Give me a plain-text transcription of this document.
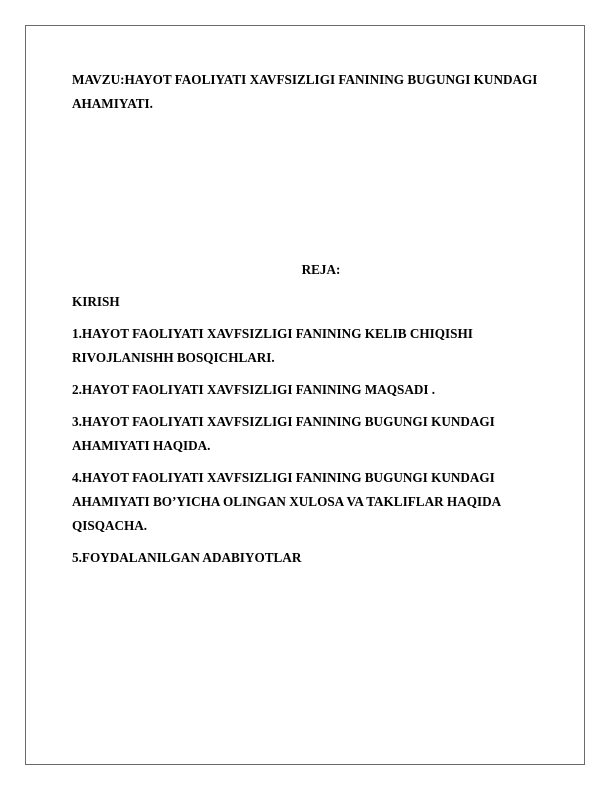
MAVZU:HAYOT FAOLIYATI XAVFSIZLIGI FANINING BUGUNGI KUNDAGI AHAMIYATI.

REJA:

KIRISH

1.HAYOT FAOLIYATI XAVFSIZLIGI FANINING KELIB CHIQISHI RIVOJLANISHH BOSQICHLARI.

2.HAYOT FAOLIYATI XAVFSIZLIGI FANINING MAQSADI .

3.HAYOT FAOLIYATI XAVFSIZLIGI FANINING BUGUNGI KUNDAGI AHAMIYATI HAQIDA.

4.HAYOT FAOLIYATI XAVFSIZLIGI FANINING BUGUNGI KUNDAGI AHAMIYATI BO’YICHA OLINGAN XULOSA VA TAKLIFLAR HAQIDA QISQACHA.

5.FOYDALANILGAN ADABIYOTLAR
